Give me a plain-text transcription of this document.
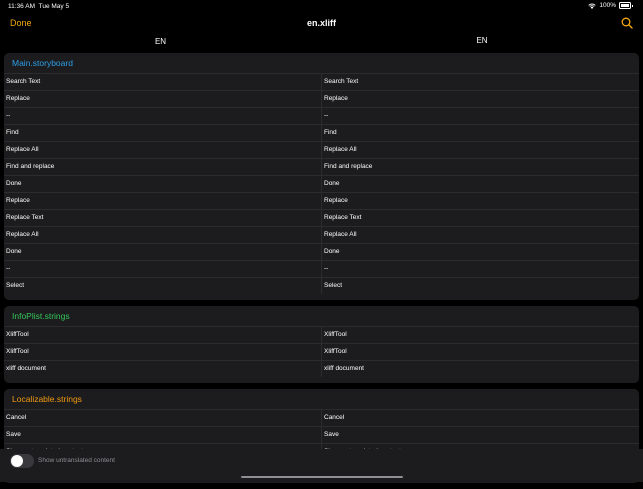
11:36 AM Tue May 5	100%
Done	en.xliff
EN	EN
Main.storyboard
Search Text	Search Text
Replace	Replace
--	--
Find	Find
Replace All	Replace All
Find and replace	Find and replace
Done	Done
Replace	Replace
Replace Text	Replace Text
Replace All	Replace All
Done	Done
--	--
Select	Select
InfoPlist.strings
XliffTool	XliffTool
XliffTool	XliffTool
xliff document	xliff document
Localizable.strings
Cancel	Cancel
Save	Save
Show untranslated content
